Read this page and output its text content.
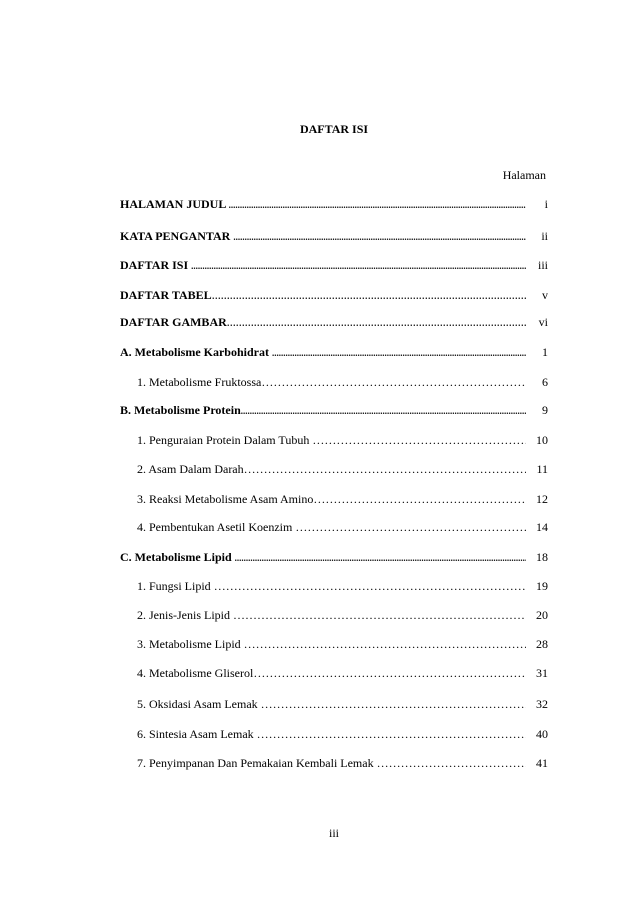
DAFTAR ISI
Halaman
HALAMAN JUDUL .....	i
KATA PENGANTAR .....	ii
DAFTAR ISI .....	iii
DAFTAR TABEL ……………………………………………………………………………………………………………………………………	v
DAFTAR GAMBAR ……………………………………………………………………………………………………………………………………	vi
A. Metabolisme Karbohidrat .....	1
1. Metabolisme Fruktossa ……………………………………………………………………………………………………………………………………	6
B. Metabolisme Protein .....	9
1. Penguraian Protein Dalam Tubuh ……………………………………………………………………………………………………………………………………	10
2. Asam Dalam Darah ……………………………………………………………………………………………………………………………………	11
3. Reaksi Metabolisme Asam Amino ……………………………………………………………………………………………………………………………………	12
4. Pembentukan Asetil Koenzim ……………………………………………………………………………………………………………………………………	14
C. Metabolisme Lipid .....	18
1. Fungsi Lipid ……………………………………………………………………………………………………………………………………	19
2. Jenis-Jenis Lipid ……………………………………………………………………………………………………………………………………	20
3. Metabolisme Lipid ……………………………………………………………………………………………………………………………………	28
4. Metabolisme Gliserol ……………………………………………………………………………………………………………………………………	31
5. Oksidasi Asam Lemak ……………………………………………………………………………………………………………………………………	32
6. Sintesia Asam Lemak ……………………………………………………………………………………………………………………………………	40
7. Penyimpanan Dan Pemakaian Kembali Lemak ……………………………………………………………………………………………………………………………………	41
iii
